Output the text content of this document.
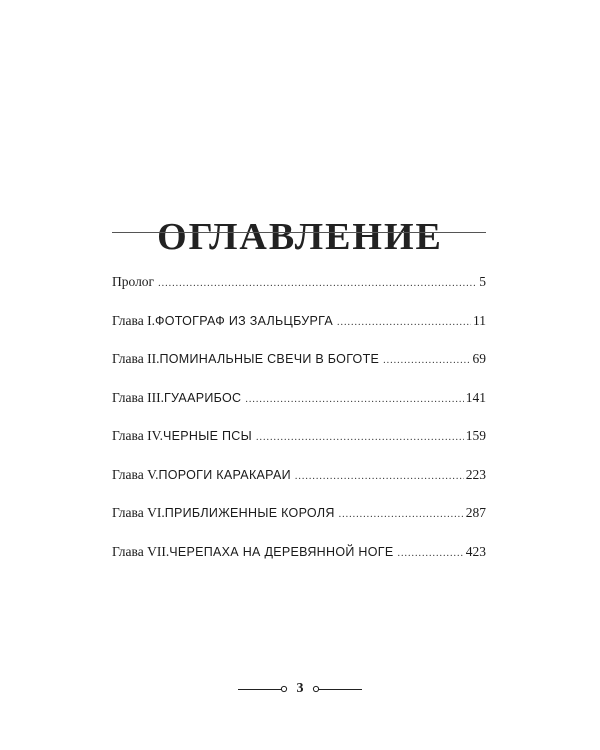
ОГЛАВЛЕНИЕ
Пролог .....	5
Глава I. ФОТОГРАФ ИЗ ЗАЛЬЦБУРГА .....	11
Глава II. ПОМИНАЛЬНЫЕ СВЕЧИ В БОГОТЕ .....	69
Глава III. ГУААРИБОС .....	141
Глава IV. ЧЕРНЫЕ ПСЫ .....	159
Глава V. ПОРОГИ КАРАКАРАИ .....	223
Глава VI. ПРИБЛИЖЕННЫЕ КОРОЛЯ .....	287
Глава VII. ЧЕРЕПАХА НА ДЕРЕВЯННОЙ НОГЕ .....	423
3
